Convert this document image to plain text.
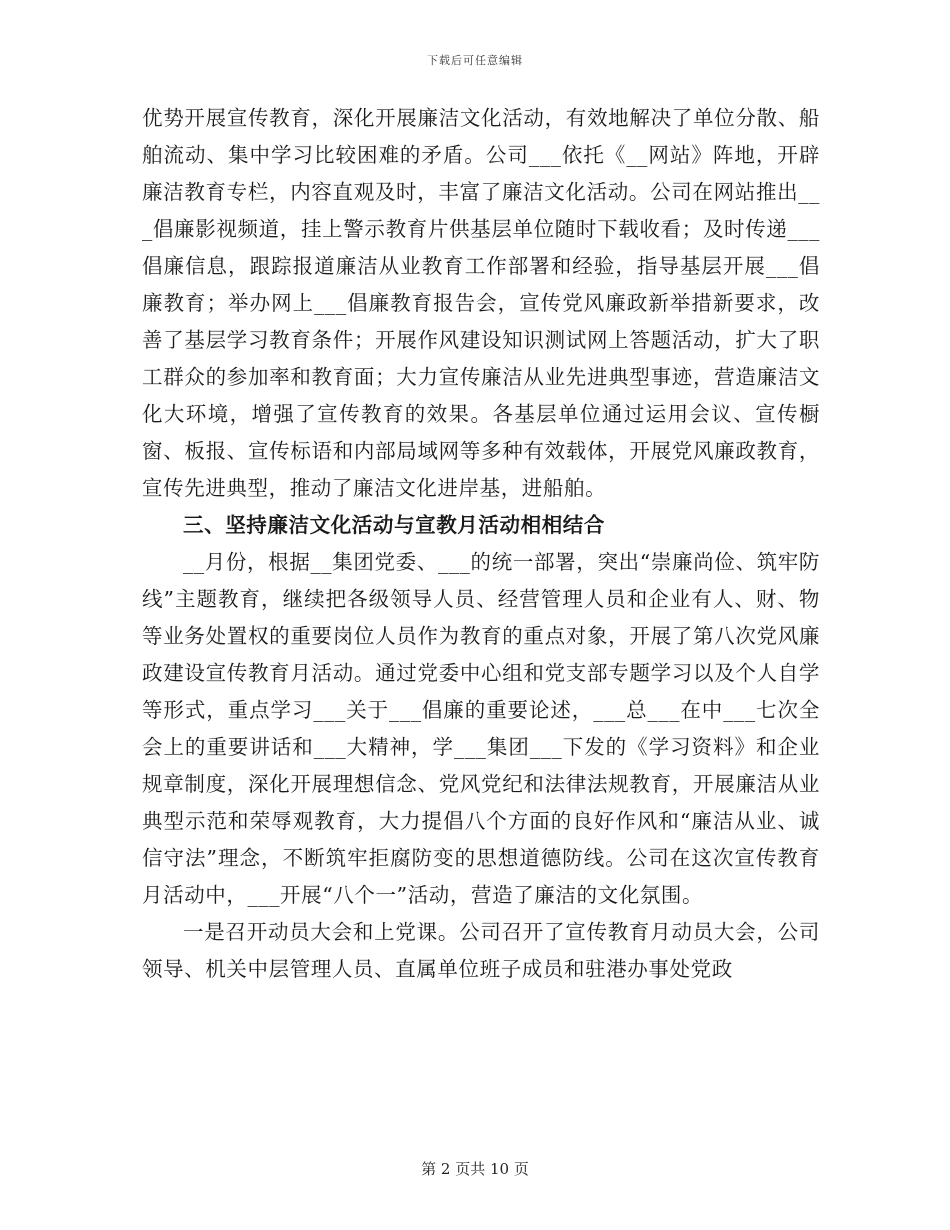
下载后可任意编辑

优势开展宣传教育，深化开展廉洁文化活动，有效地解决了单位分散、船舶流动、集中学习比较困难的矛盾。公司___依托《__网站》阵地，开辟廉洁教育专栏，内容直观及时，丰富了廉洁文化活动。公司在网站推出___倡廉影视频道，挂上警示教育片供基层单位随时下载收看；及时传递___倡廉信息，跟踪报道廉洁从业教育工作部署和经验，指导基层开展___倡廉教育；举办网上___倡廉教育报告会，宣传党风廉政新举措新要求，改善了基层学习教育条件；开展作风建设知识测试网上答题活动，扩大了职工群众的参加率和教育面；大力宣传廉洁从业先进典型事迹，营造廉洁文化大环境，增强了宣传教育的效果。各基层单位通过运用会议、宣传橱窗、板报、宣传标语和内部局域网等多种有效载体，开展党风廉政教育，宣传先进典型，推动了廉洁文化进岸基，进船舶。

三、坚持廉洁文化活动与宣教月活动相相结合

__月份，根据__集团党委、___的统一部署，突出“崇廉尚俭、筑牢防线”主题教育，继续把各级领导人员、经营管理人员和企业有人、财、物等业务处置权的重要岗位人员作为教育的重点对象，开展了第八次党风廉政建设宣传教育月活动。通过党委中心组和党支部专题学习以及个人自学等形式，重点学习___关于___倡廉的重要论述，___总___在中___七次全会上的重要讲话和___大精神，学___集团___下发的《学习资料》和企业规章制度，深化开展理想信念、党风党纪和法律法规教育，开展廉洁从业典型示范和荣辱观教育，大力提倡八个方面的良好作风和“廉洁从业、诚信守法”理念，不断筑牢拒腐防变的思想道德防线。公司在这次宣传教育月活动中，___开展“八个一”活动，营造了廉洁的文化氛围。

一是召开动员大会和上党课。公司召开了宣传教育月动员大会，公司领导、机关中层管理人员、直属单位班子成员和驻港办事处党政

第 2 页共 10 页
